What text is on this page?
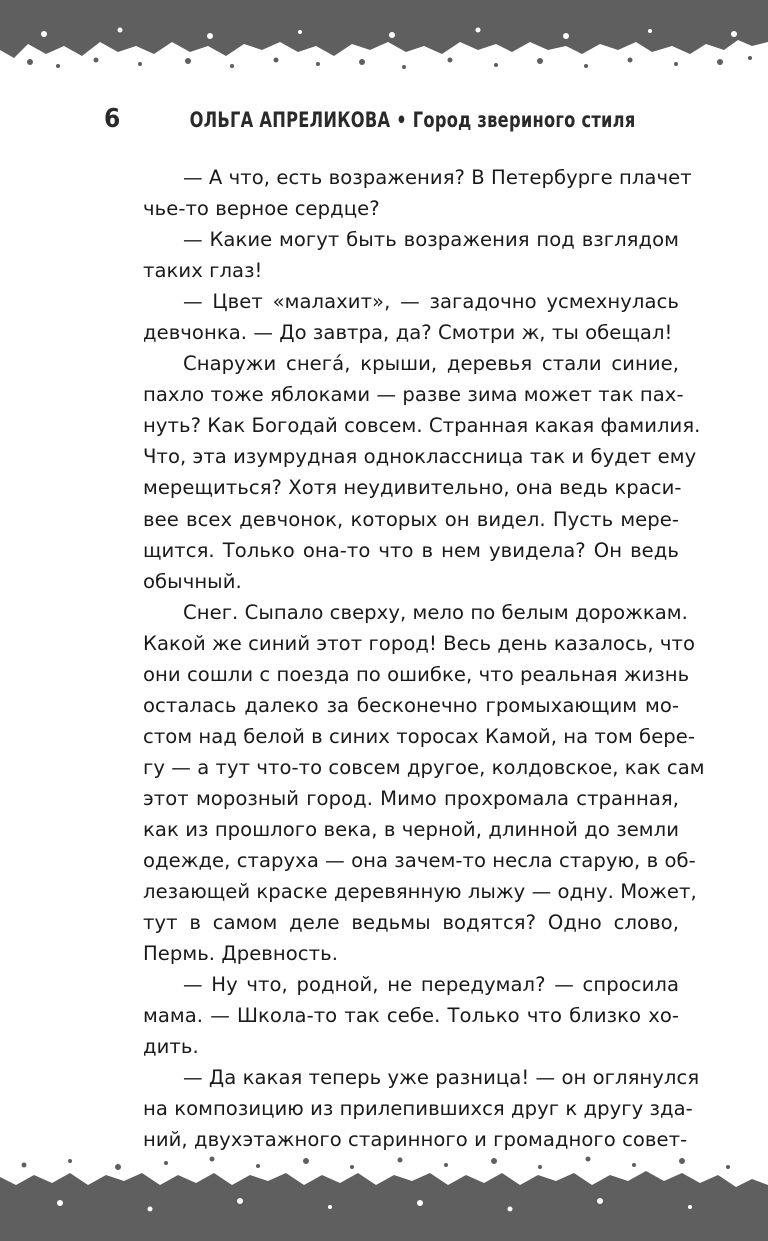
6	ОЛЬГА АПРЕЛИКОВА • Город звериного стиля
— А что, есть возражения? В Петербурге плачет
чье-то верное сердце?
— Какие могут быть возражения под взглядом
таких глаз!
— Цвет «малахит», — загадочно усмехнулась
девчонка. — До завтра, да? Смотри ж, ты обещал!
Снаружи снегá, крыши, деревья стали синие,
пахло тоже яблоками — разве зима может так пах-
нуть? Как Богодай совсем. Странная какая фамилия.
Что, эта изумрудная одноклассница так и будет ему
мерещиться? Хотя неудивительно, она ведь краси-
вее всех девчонок, которых он видел. Пусть мере-
щится. Только она-то что в нем увидела? Он ведь
обычный.
Снег. Сыпало сверху, мело по белым дорожкам.
Какой же синий этот город! Весь день казалось, что
они сошли с поезда по ошибке, что реальная жизнь
осталась далеко за бесконечно громыхающим мо-
стом над белой в синих торосах Камой, на том бере-
гу — а тут что-то совсем другое, колдовское, как сам
этот морозный город. Мимо прохромала странная,
как из прошлого века, в черной, длинной до земли
одежде, старуха — она зачем-то несла старую, в об-
лезающей краске деревянную лыжу — одну. Может,
тут в самом деле ведьмы водятся? Одно слово,
Пермь. Древность.
— Ну что, родной, не передумал? — спросила
мама. — Школа-то так себе. Только что близко хо-
дить.
— Да какая теперь уже разница! — он оглянулся
на композицию из прилепившихся друг к другу зда-
ний, двухэтажного старинного и громадного совет-
